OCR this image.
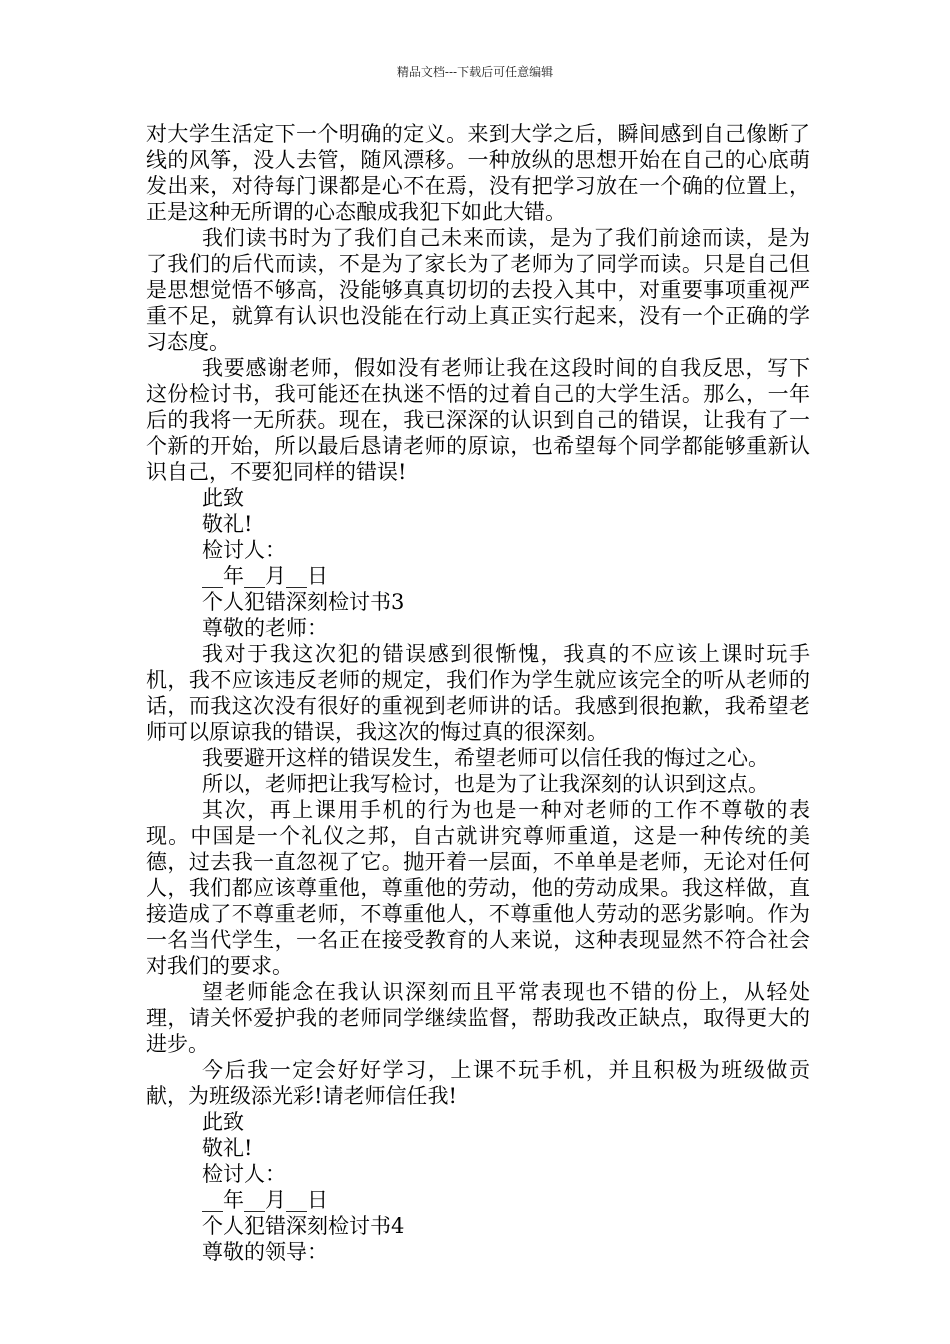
精品文档---下载后可任意编辑

对大学生活定下一个明确的定义。来到大学之后，瞬间感到自己像断了线的风筝，没人去管，随风漂移。一种放纵的思想开始在自己的心底萌发出来，对待每门课都是心不在焉，没有把学习放在一个确的位置上，正是这种无所谓的心态酿成我犯下如此大错。

我们读书时为了我们自己未来而读，是为了我们前途而读，是为了我们的后代而读，不是为了家长为了老师为了同学而读。只是自己但是思想觉悟不够高，没能够真真切切的去投入其中，对重要事项重视严重不足，就算有认识也没能在行动上真正实行起来，没有一个正确的学习态度。

我要感谢老师，假如没有老师让我在这段时间的自我反思，写下这份检讨书，我可能还在执迷不悟的过着自己的大学生活。那么，一年后的我将一无所获。现在，我已深深的认识到自己的错误，让我有了一个新的开始，所以最后恳请老师的原谅，也希望每个同学都能够重新认识自己，不要犯同样的错误!

此致

敬礼!

检讨人：

__年__月__日

个人犯错深刻检讨书3

尊敬的老师：

我对于我这次犯的错误感到很惭愧，我真的不应该上课时玩手机，我不应该违反老师的规定，我们作为学生就应该完全的听从老师的话，而我这次没有很好的重视到老师讲的话。我感到很抱歉，我希望老师可以原谅我的错误，我这次的悔过真的很深刻。

我要避开这样的错误发生，希望老师可以信任我的悔过之心。

所以，老师把让我写检讨，也是为了让我深刻的认识到这点。

其次，再上课用手机的行为也是一种对老师的工作不尊敬的表现。中国是一个礼仪之邦，自古就讲究尊师重道，这是一种传统的美德，过去我一直忽视了它。抛开着一层面，不单单是老师，无论对任何人，我们都应该尊重他，尊重他的劳动，他的劳动成果。我这样做，直接造成了不尊重老师，不尊重他人，不尊重他人劳动的恶劣影响。作为一名当代学生，一名正在接受教育的人来说，这种表现显然不符合社会对我们的要求。

望老师能念在我认识深刻而且平常表现也不错的份上，从轻处理，请关怀爱护我的老师同学继续监督，帮助我改正缺点，取得更大的进步。

今后我一定会好好学习，上课不玩手机，并且积极为班级做贡献，为班级添光彩!请老师信任我!

此致

敬礼!

检讨人：

__年__月__日

个人犯错深刻检讨书4

尊敬的领导：
